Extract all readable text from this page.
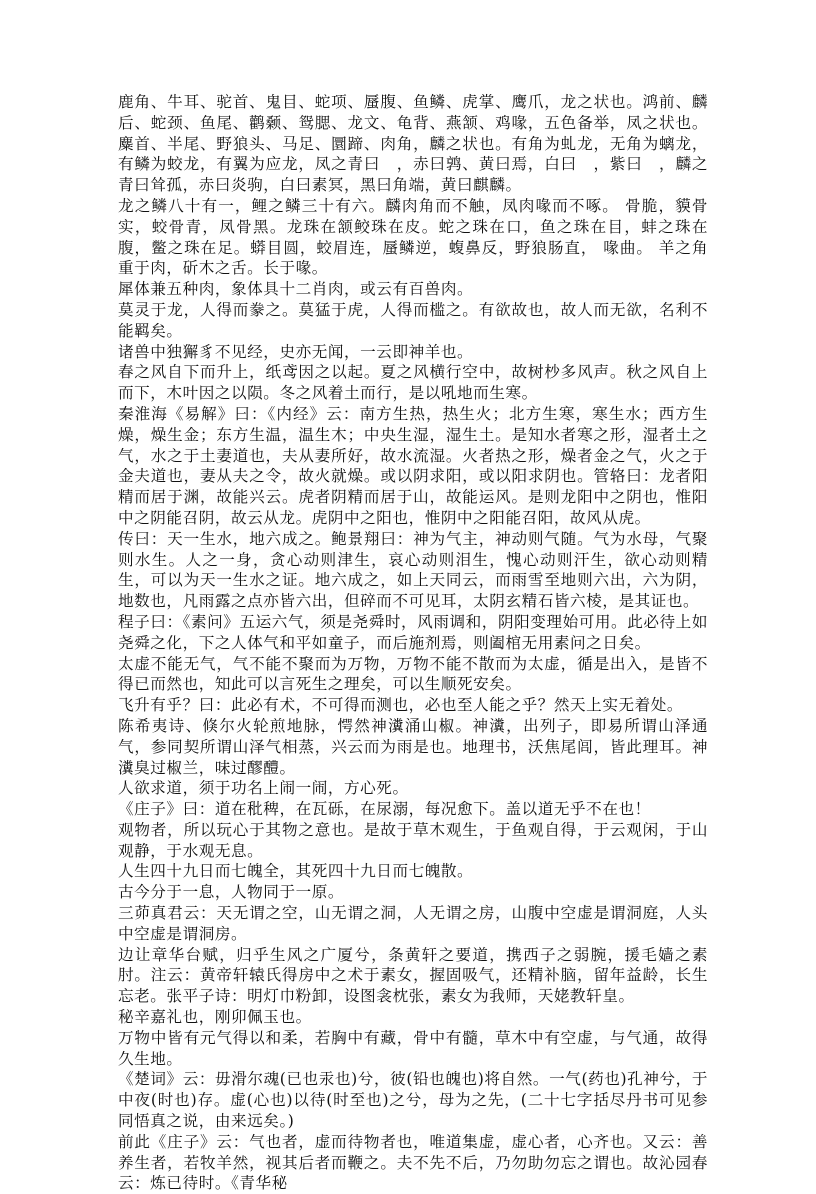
鹿角、牛耳、驼首、鬼目、蛇项、蜃腹、鱼鳞、虎掌、鹰爪，龙之状也。鸿前、麟后、蛇颈、鱼尾、鹳颡、鸳腮、龙文、龟背、燕颔、鸡喙，五色备举，凤之状也。麋首、半尾、野狼头、马足、圜蹄、肉角，麟之状也。有角为虬龙，无角为螭龙，有鳞为蛟龙，有翼为应龙，凤之青曰　，赤曰鹑、黄曰焉，白曰　，紫曰　，麟之青曰耸孤，赤曰炎驹，白曰素冥，黑曰角端，黄曰麒麟。

龙之鳞八十有一，鲤之鳞三十有六。麟肉角而不触，凤肉喙而不啄。 骨脆，貘骨实，蛟骨青，凤骨黑。龙珠在颔鲛珠在皮。蛇之珠在口，鱼之珠在目，蚌之珠在腹，鳖之珠在足。蟒目圆，蛟眉连，蜃鳞逆，蝮鼻反，野狼肠直， 喙曲。 羊之角重于肉，斫木之舌。长于喙。

犀体兼五种肉，象体具十二肖肉，或云有百兽肉。

莫灵于龙，人得而豢之。莫猛于虎，人得而槛之。有欲故也，故人而无欲，名利不能羁矣。

诸兽中独獬豸不见经，史亦无闻，一云即神羊也。

春之风自下而升上，纸鸢因之以起。夏之风横行空中，故树杪多风声。秋之风自上而下，木叶因之以陨。冬之风着土而行，是以吼地而生寒。

秦淮海《易解》曰：《内经》云：南方生热，热生火；北方生寒，寒生水；西方生燥，燥生金；东方生温，温生木；中央生湿，湿生土。是知水者寒之形，湿者土之气，水之于土妻道也，夫从妻所好，故水流湿。火者热之形，燥者金之气，火之于金夫道也，妻从夫之令，故火就燥。或以阴求阳，或以阳求阴也。管辂曰：龙者阳精而居于渊，故能兴云。虎者阴精而居于山，故能运风。是则龙阳中之阴也，惟阳中之阴能召阴，故云从龙。虎阴中之阳也，惟阴中之阳能召阳，故风从虎。

传曰：天一生水，地六成之。鲍景翔曰：神为气主，神动则气随。气为水母，气聚则水生。人之一身，贪心动则津生，哀心动则泪生，愧心动则汗生，欲心动则精生，可以为天一生水之证。地六成之，如上天同云，而雨雪至地则六出，六为阴，地数也，凡雨露之点亦皆六出，但碎而不可见耳，太阴玄精石皆六棱，是其证也。

程子曰：《素问》五运六气，须是尧舜时，风雨调和，阴阳变理始可用。此必待上如尧舜之化，下之人体气和平如童子，而后施剂焉，则阖棺无用素问之日矣。

太虚不能无气，气不能不聚而为万物，万物不能不散而为太虚，循是出入，是皆不得已而然也，知此可以言死生之理矣，可以生顺死安矣。

飞升有乎？曰：此必有术，不可得而测也，必也至人能之乎？然天上实无着处。

陈希夷诗、倏尔火轮煎地脉，愕然神瀵涌山椒。神瀵，出列子，即易所谓山泽通气，参同契所谓山泽气相蒸，兴云而为雨是也。地理书，沃焦尾闾，皆此理耳。神瀵臭过椒兰，味过醪醴。

人欲求道，须于功名上闹一闹，方心死。

《庄子》曰：道在秕稗，在瓦砾，在尿溺，每况愈下。盖以道无乎不在也！

观物者，所以玩心于其物之意也。是故于草木观生，于鱼观自得，于云观闲，于山观静，于水观无息。

人生四十九日而七魄全，其死四十九日而七魄散。

古今分于一息，人物同于一原。

三茆真君云：天无谓之空，山无谓之洞，人无谓之房，山腹中空虚是谓洞庭，人头中空虚是谓洞房。

边让章华台赋，归乎生风之广厦兮，条黄轩之要道，携西子之弱腕，援毛嫱之素肘。注云：黄帝轩辕氏得房中之术于素女，握固吸气，还精补脑，留年益龄，长生忘老。张平子诗：明灯巾粉卸，设图衾枕张，素女为我师，天姥教轩皇。

秘辛嘉礼也，刚卯佩玉也。

万物中皆有元气得以和柔，若胸中有藏，骨中有髓，草木中有空虚，与气通，故得久生地。

《楚词》云：毋滑尔魂(已也汞也)兮，彼(铅也魄也)将自然。一气(药也)孔神兮，于中夜(时也)存。虚(心也)以待(时至也)之兮，母为之先，(二十七字括尽丹书可见参同悟真之说，由来远矣。)

前此《庄子》云：气也者，虚而待物者也，唯道集虚，虚心者，心齐也。又云：善养生者，若牧羊然，视其后者而鞭之。夫不先不后，乃勿助勿忘之谓也。故沁园春云：炼已待时。《青华秘
